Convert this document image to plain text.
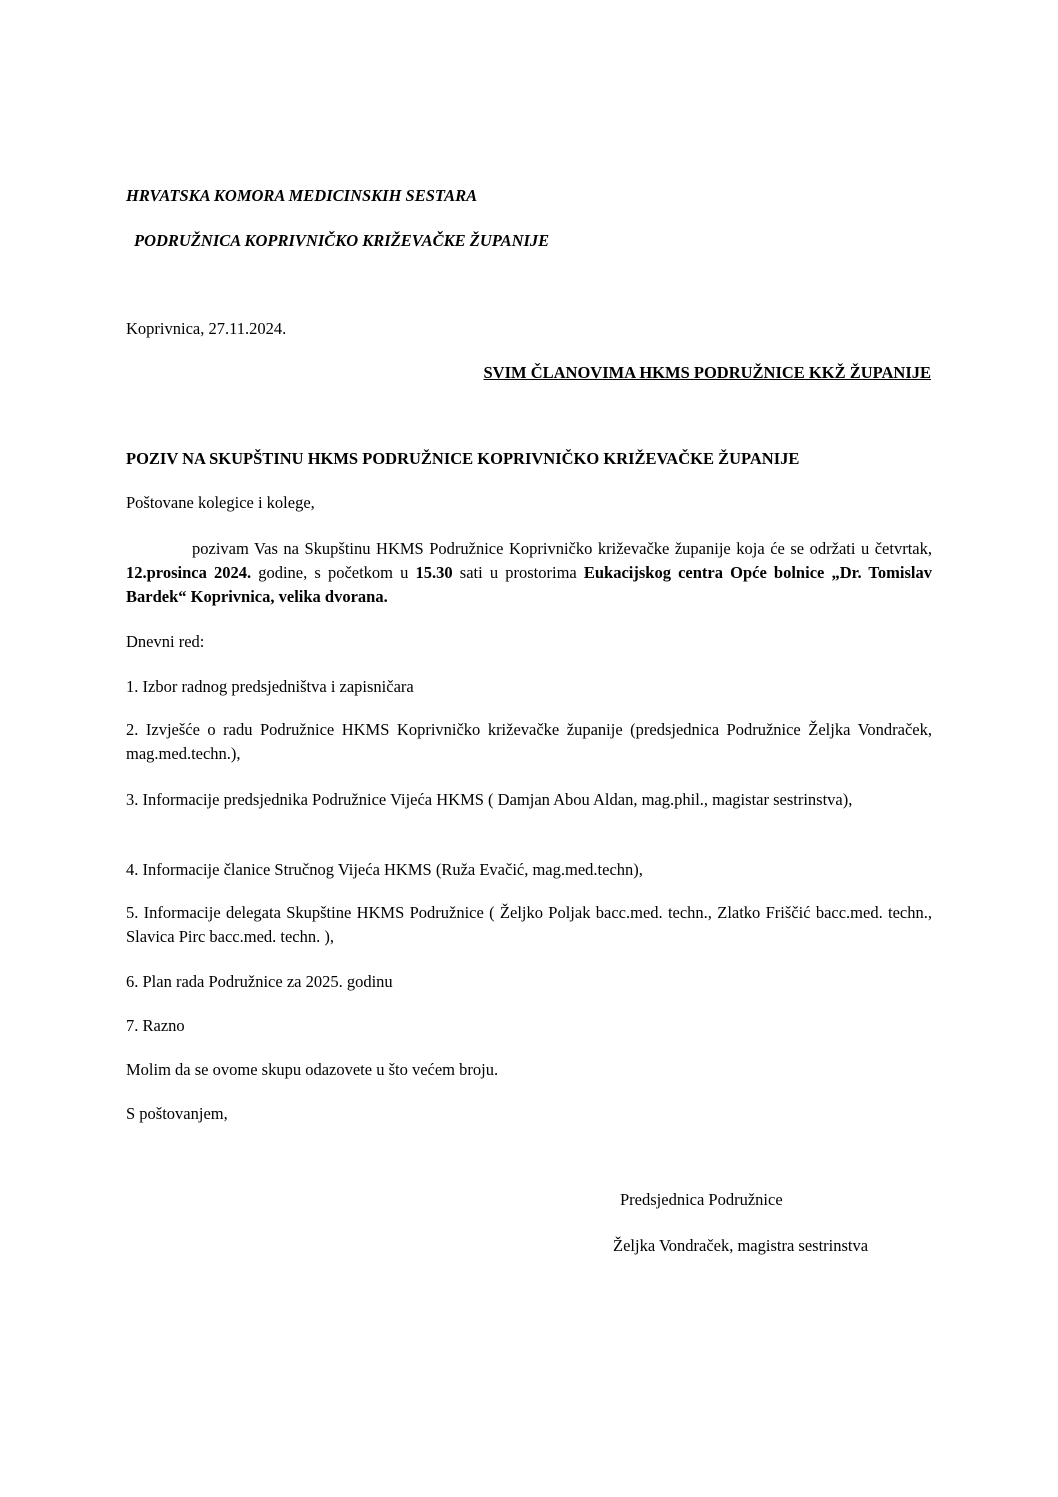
HRVATSKA KOMORA MEDICINSKIH SESTARA
PODRUŽNICA KOPRIVNIČKO KRIŽEVAČKE ŽUPANIJE
Koprivnica, 27.11.2024.
SVIM ČLANOVIMA HKMS PODRUŽNICE KKŽ ŽUPANIJE
POZIV NA SKUPŠTINU HKMS PODRUŽNICE KOPRIVNIČKO KRIŽEVAČKE ŽUPANIJE
Poštovane kolegice i kolege,
pozivam Vas na Skupštinu HKMS Podružnice Koprivničko križevačke županije koja će se održati u četvrtak, 12.prosinca 2024. godine, s početkom u 15.30 sati u prostorima Eukacijskog centra Opće bolnice „Dr. Tomislav Bardek“ Koprivnica, velika dvorana.
Dnevni red:
1. Izbor radnog predsjedništva i zapisničara
2. Izvješće o radu Podružnice HKMS Koprivničko križevačke županije (predsjednica Podružnice Željka Vondraček, mag.med.techn.),
3. Informacije predsjednika Podružnice Vijeća HKMS ( Damjan Abou Aldan, mag.phil., magistar sestrinstva),
4. Informacije članice Stručnog Vijeća HKMS (Ruža Evačić, mag.med.techn),
5. Informacije delegata Skupštine HKMS Podružnice ( Željko Poljak bacc.med. techn., Zlatko Friščić bacc.med. techn., Slavica Pirc bacc.med. techn. ),
6. Plan rada Podružnice za 2025. godinu
7. Razno
Molim da se ovome skupu odazovete u što većem broju.
S poštovanjem,
Predsjednica Podružnice
Željka Vondraček, magistra sestrinstva
